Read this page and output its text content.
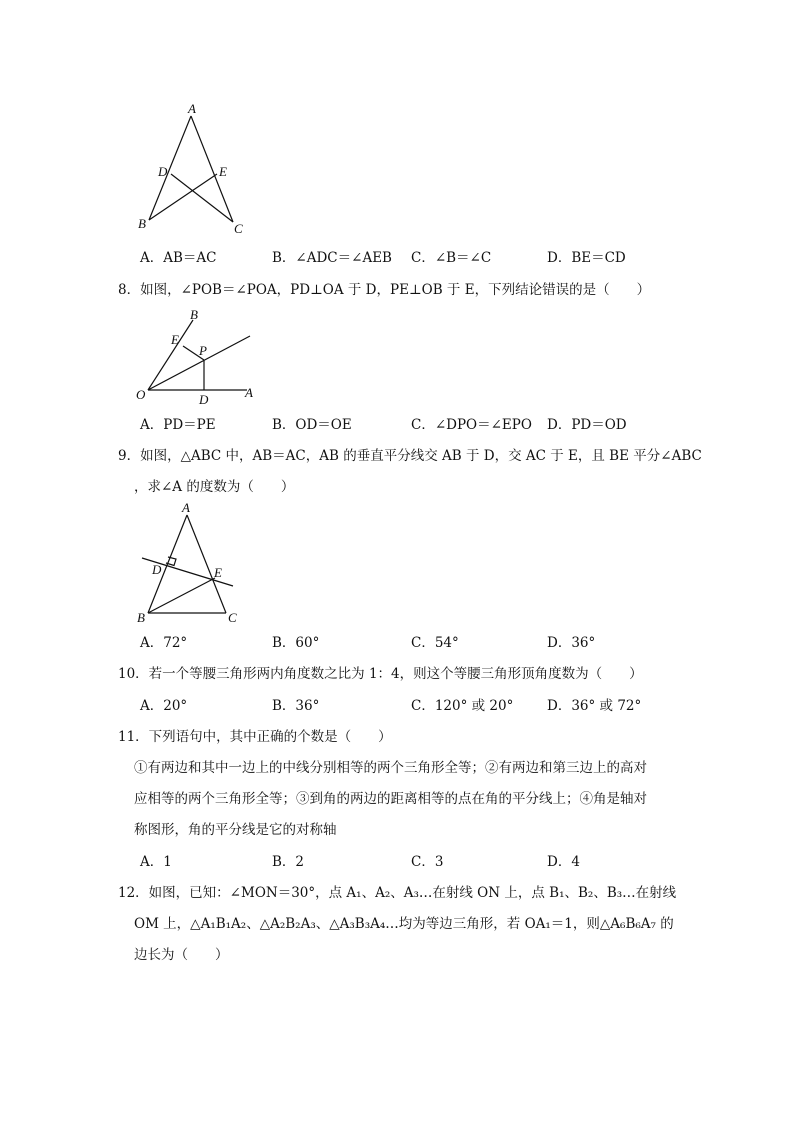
A
B	C
D	E
A．AB＝AC	B．∠ADC＝∠AEB C．∠B＝∠C	D．BE＝CD
8．如图，∠POB＝∠POA，PD⊥OA 于 D，PE⊥OB 于 E，下列结论错误的是（　　）
B
E
P
O	D	A
A．PD＝PE	B．OD＝OE	C．∠DPO＝∠EPO D．PD＝OD
9．如图，△ABC 中，AB＝AC，AB 的垂直平分线交 AB 于 D，交 AC 于 E，且 BE 平分∠ABC
，求∠A 的度数为（　　）
A
D	E
B	C
A．72°	B．60°	C．54°	D．36°
10．若一个等腰三角形两内角度数之比为 1：4，则这个等腰三角形顶角度数为（　　）
A．20°	B．36°	C．120° 或 20° D．36° 或 72°
11．下列语句中，其中正确的个数是（　　）
①有两边和其中一边上的中线分别相等的两个三角形全等；②有两边和第三边上的高对
应相等的两个三角形全等；③到角的两边的距离相等的点在角的平分线上；④角是轴对
称图形，角的平分线是它的对称轴
A．1	B．2	C．3	D．4
12．如图，已知：∠MON＝30°，点 A₁、A₂、A₃…在射线 ON 上，点 B₁、B₂、B₃…在射线
OM 上，△A₁B₁A₂、△A₂B₂A₃、△A₃B₃A₄…均为等边三角形，若 OA₁＝1，则△A₆B₆A₇ 的
边长为（　　）
